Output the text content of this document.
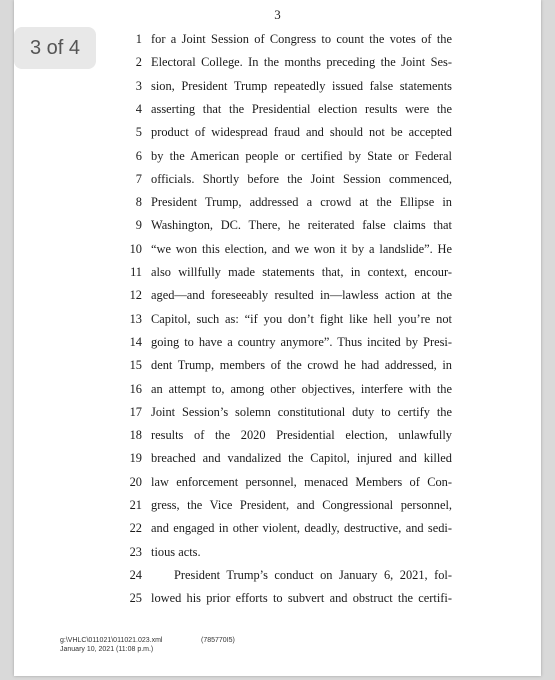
3
1 for a Joint Session of Congress to count the votes of the
2 Electoral College. In the months preceding the Joint Ses-
3 sion, President Trump repeatedly issued false statements
4 asserting that the Presidential election results were the
5 product of widespread fraud and should not be accepted
6 by the American people or certified by State or Federal
7 officials. Shortly before the Joint Session commenced,
8 President Trump, addressed a crowd at the Ellipse in
9 Washington, DC. There, he reiterated false claims that
10 “we won this election, and we won it by a landslide”. He
11 also willfully made statements that, in context, encour-
12 aged—and foreseeably resulted in—lawless action at the
13 Capitol, such as: “if you don’t fight like hell you’re not
14 going to have a country anymore”. Thus incited by Presi-
15 dent Trump, members of the crowd he had addressed, in
16 an attempt to, among other objectives, interfere with the
17 Joint Session’s solemn constitutional duty to certify the
18 results of the 2020 Presidential election, unlawfully
19 breached and vandalized the Capitol, injured and killed
20 law enforcement personnel, menaced Members of Con-
21 gress, the Vice President, and Congressional personnel,
22 and engaged in other violent, deadly, destructive, and sedi-
23 tious acts.
24	President Trump’s conduct on January 6, 2021, fol-
25 lowed his prior efforts to subvert and obstruct the certifi-
g:\VHLC\011021\011021.023.xml
January 10, 2021 (11:08 p.m.)
(785770I5)
3 of 4
